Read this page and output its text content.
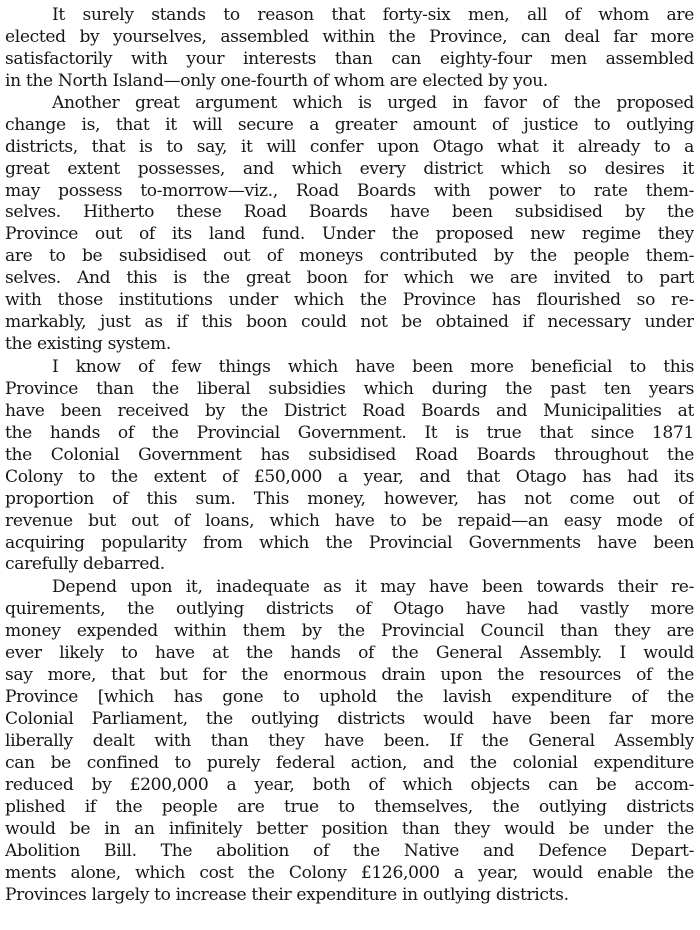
It surely stands to reason that forty-six men, all of whom are
elected by yourselves, assembled within the Province, can deal far more
satisfactorily with your interests than can eighty-four men assembled
in the North Island—only one-fourth of whom are elected by you.
Another great argument which is urged in favor of the proposed
change is, that it will secure a greater amount of justice to outlying
districts, that is to say, it will confer upon Otago what it already to a
great extent possesses, and which every district which so desires it
may possess to-morrow—viz., Road Boards with power to rate them-
selves. Hitherto these Road Boards have been subsidised by the
Province out of its land fund. Under the proposed new regime they
are to be subsidised out of moneys contributed by the people them-
selves. And this is the great boon for which we are invited to part
with those institutions under which the Province has flourished so re-
markably, just as if this boon could not be obtained if necessary under
the existing system.
I know of few things which have been more beneficial to this
Province than the liberal subsidies which during the past ten years
have been received by the District Road Boards and Municipalities at
the hands of the Provincial Government. It is true that since 1871
the Colonial Government has subsidised Road Boards throughout the
Colony to the extent of £50,000 a year, and that Otago has had its
proportion of this sum. This money, however, has not come out of
revenue but out of loans, which have to be repaid—an easy mode of
acquiring popularity from which the Provincial Governments have been
carefully debarred.
Depend upon it, inadequate as it may have been towards their re-
quirements, the outlying districts of Otago have had vastly more
money expended within them by the Provincial Council than they are
ever likely to have at the hands of the General Assembly. I would
say more, that but for the enormous drain upon the resources of the
Province [which has gone to uphold the lavish expenditure of the
Colonial Parliament, the outlying districts would have been far more
liberally dealt with than they have been. If the General Assembly
can be confined to purely federal action, and the colonial expenditure
reduced by £200,000 a year, both of which objects can be accom-
plished if the people are true to themselves, the outlying districts
would be in an infinitely better position than they would be under the
Abolition Bill. The abolition of the Native and Defence Depart-
ments alone, which cost the Colony £126,000 a year, would enable the
Provinces largely to increase their expenditure in outlying districts.
